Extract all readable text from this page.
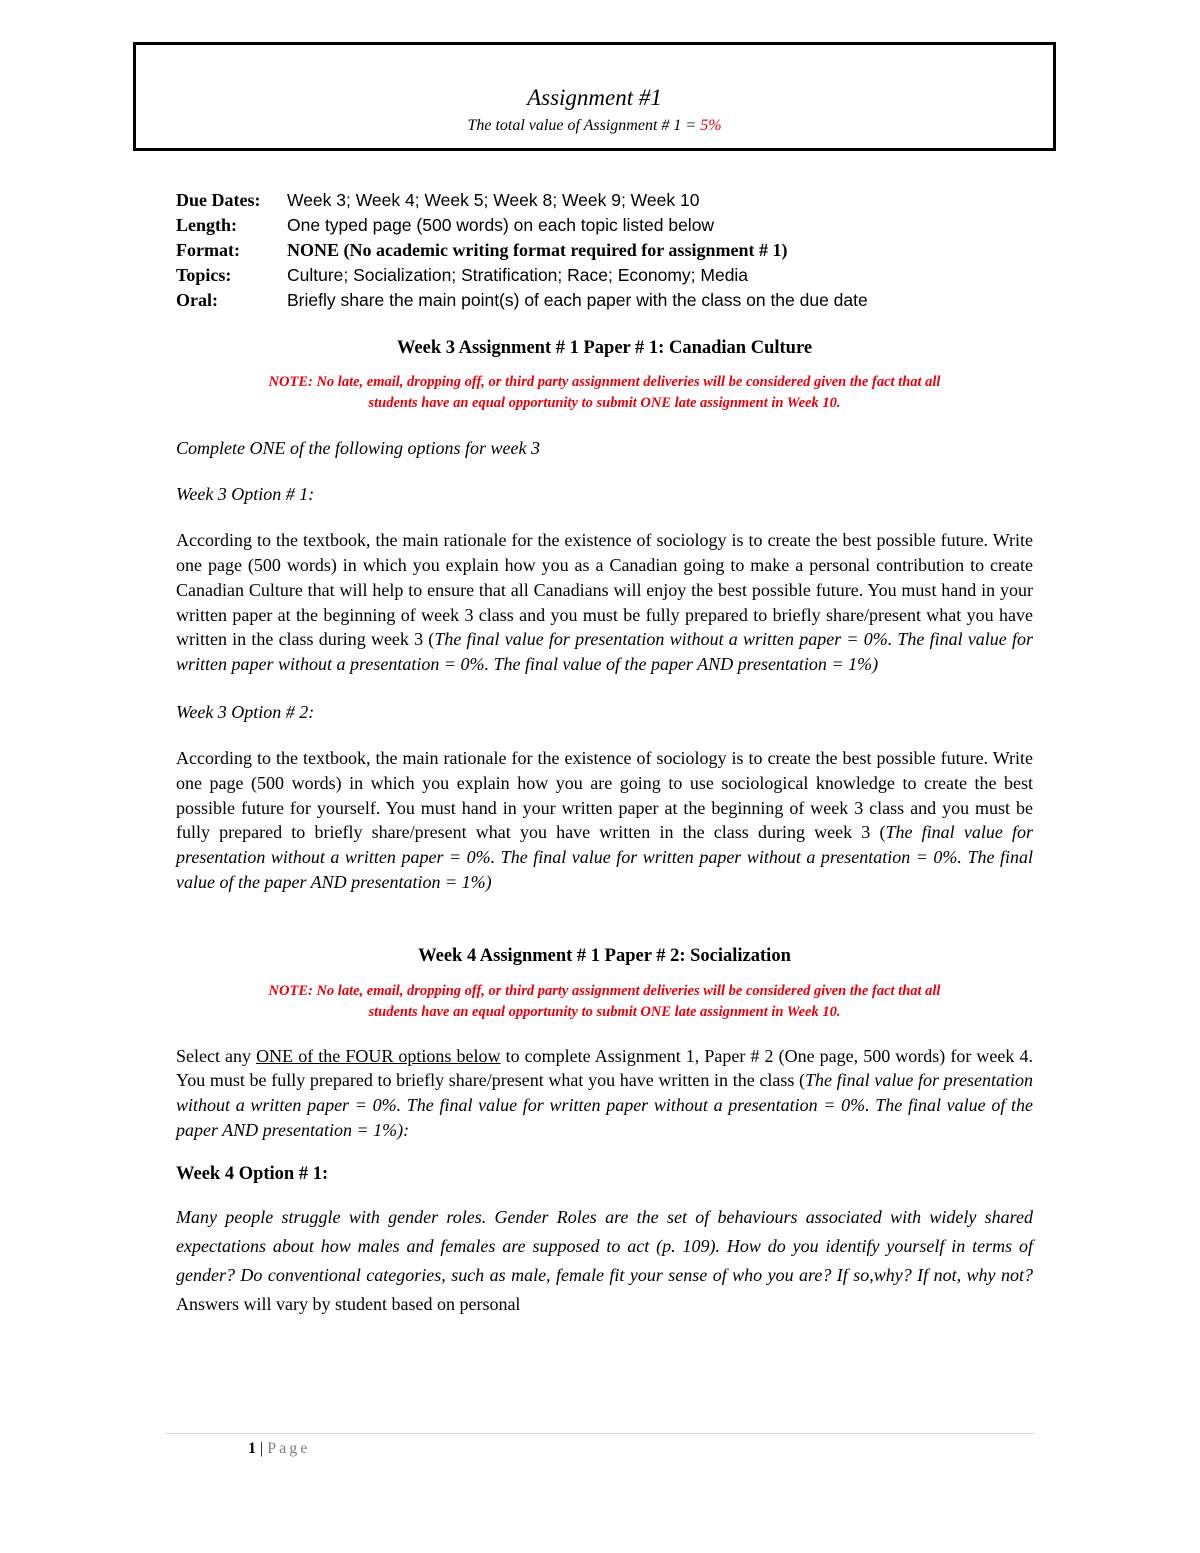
Assignment #1
The total value of Assignment # 1 = 5%
Due Dates: Week 3; Week 4; Week 5; Week 8; Week 9; Week 10
Length:	One typed page (500 words) on each topic listed below
Format:	NONE (No academic writing format required for assignment # 1)
Topics:	Culture; Socialization; Stratification; Race; Economy; Media
Oral:	Briefly share the main point(s) of each paper with the class on the due date
Week 3 Assignment # 1 Paper # 1: Canadian Culture
NOTE: No late, email, dropping off, or third party assignment deliveries will be considered given the fact that all
students have an equal opportunity to submit ONE late assignment in Week 10.
Complete ONE of the following options for week 3
Week 3 Option # 1:
According to the textbook, the main rationale for the existence of sociology is to create the best possible future. Write one page (500 words) in which you explain how you as a Canadian going to make a personal contribution to create Canadian Culture that will help to ensure that all Canadians will enjoy the best possible future. You must hand in your written paper at the beginning of week 3 class and you must be fully prepared to briefly share/present what you have written in the class during week 3 (The final value for presentation without a written paper = 0%. The final value for written paper without a presentation = 0%. The final value of the paper AND presentation = 1%)
Week 3 Option # 2:
According to the textbook, the main rationale for the existence of sociology is to create the best possible future. Write one page (500 words) in which you explain how you are going to use sociological knowledge to create the best possible future for yourself. You must hand in your written paper at the beginning of week 3 class and you must be fully prepared to briefly share/present what you have written in the class during week 3 (The final value for presentation without a written paper = 0%. The final value for written paper without a presentation = 0%. The final value of the paper AND presentation = 1%)
Week 4 Assignment # 1 Paper # 2: Socialization
NOTE: No late, email, dropping off, or third party assignment deliveries will be considered given the fact that all
students have an equal opportunity to submit ONE late assignment in Week 10.
Select any ONE of the FOUR options below to complete Assignment 1, Paper # 2 (One page, 500 words) for week 4. You must be fully prepared to briefly share/present what you have written in the class (The final value for presentation without a written paper = 0%. The final value for written paper without a presentation = 0%. The final value of the paper AND presentation = 1%):
Week 4 Option # 1:
Many people struggle with gender roles. Gender Roles are the set of behaviours associated with widely shared expectations about how males and females are supposed to act (p. 109). How do you identify yourself in terms of gender? Do conventional categories, such as male, female fit your sense of who you are? If so,why? If not, why not? Answers will vary by student based on personal
1 | Page
